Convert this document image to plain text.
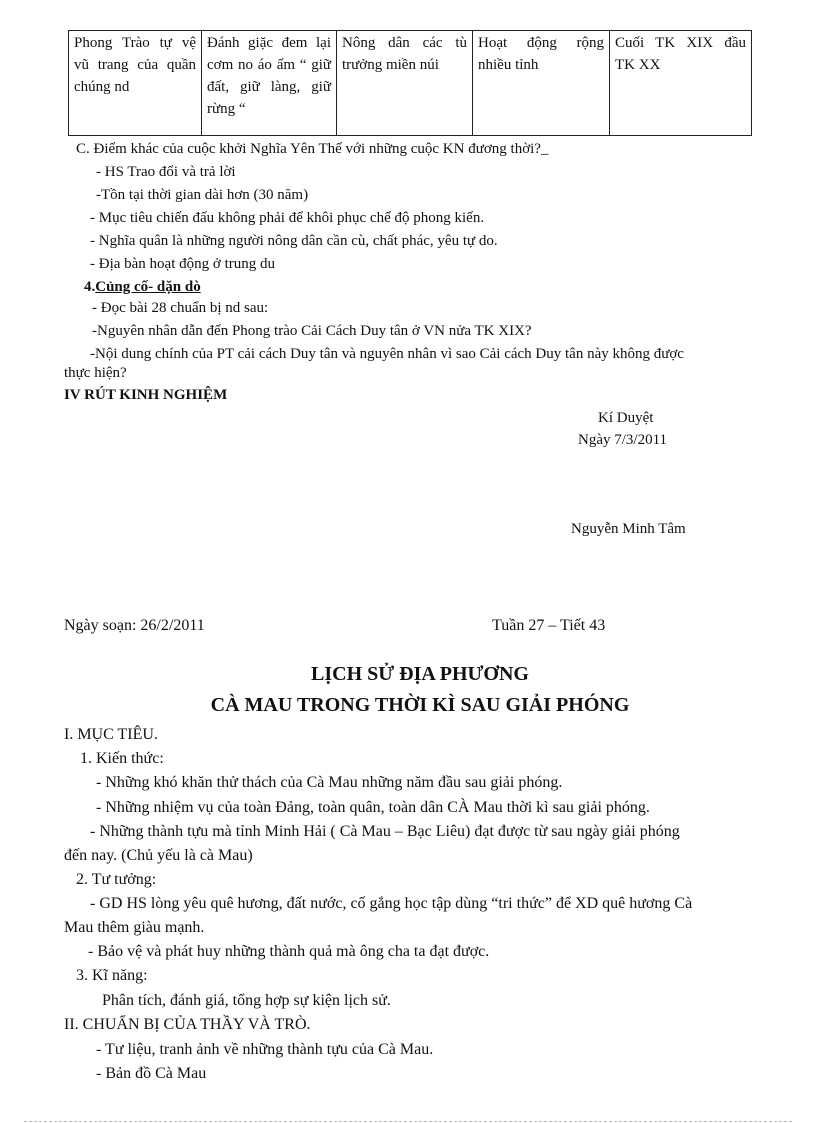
Phong Trào tự vệ vũ trang của quần chúng nd	Đánh giặc đem lại cơm no áo ấm “ giữ đất, giữ làng, giữ rừng “	Nông dân các tù trưởng miền núi	Hoạt động rộng nhiều tỉnh	Cuối TK XIX đầu TK XX
C. Điểm khác của cuộc khởi Nghĩa Yên Thế với những cuộc KN đương thời?_
- HS Trao đổi và trả lời
-Tồn tại thời gian dài hơn (30 năm)
- Mục tiêu chiến đấu không phải để khôi phục chế độ phong kiến.
- Nghĩa quân là những người nông dân cần cù, chất phác, yêu tự do.
- Địa bàn hoạt động ở trung du
4.Củng cố- dặn dò
- Đọc bài 28 chuẩn bị nd sau:
-Nguyên nhân dẫn đến Phong trào Cải Cách Duy tân ở VN nửa TK XIX?
-Nội dung chính của PT cải cách Duy tân và nguyên nhân vì sao Cải cách Duy tân này không được
thực hiện?
IV RÚT KINH NGHIỆM
Kí Duyệt
Ngày 7/3/2011
Nguyễn Minh Tâm
Ngày soạn: 26/2/2011	Tuần 27 – Tiết 43
LỊCH SỬ ĐỊA PHƯƠNG
CÀ MAU TRONG THỜI KÌ SAU GIẢI PHÓNG
I. MỤC TIÊU.
1. Kiến thức:
- Những khó khăn thử thách của Cà Mau những năm đầu sau giải phóng.
- Những nhiệm vụ của toàn Đảng, toàn quân, toàn dân CÀ Mau thời kì sau giải phóng.
- Những thành tựu mà tỉnh Minh Hải ( Cà Mau – Bạc Liêu) đạt được từ sau ngày giải phóng
đến nay. (Chủ yếu là cà Mau)
2. Tư tưởng:
- GD HS lòng yêu quê hương, đất nước, cố gắng học tập dùng “tri thức” để XD quê hương Cà
Mau thêm giàu mạnh.
- Bảo vệ và phát huy những thành quả mà ông cha ta đạt được.
3. Kĩ năng:
Phân tích, đánh giá, tổng hợp sự kiện lịch sử.
II. CHUẨN BỊ CỦA THẦY VÀ TRÒ.
- Tư liệu, tranh ảnh về những thành tựu của Cà Mau.
- Bản đồ Cà Mau
